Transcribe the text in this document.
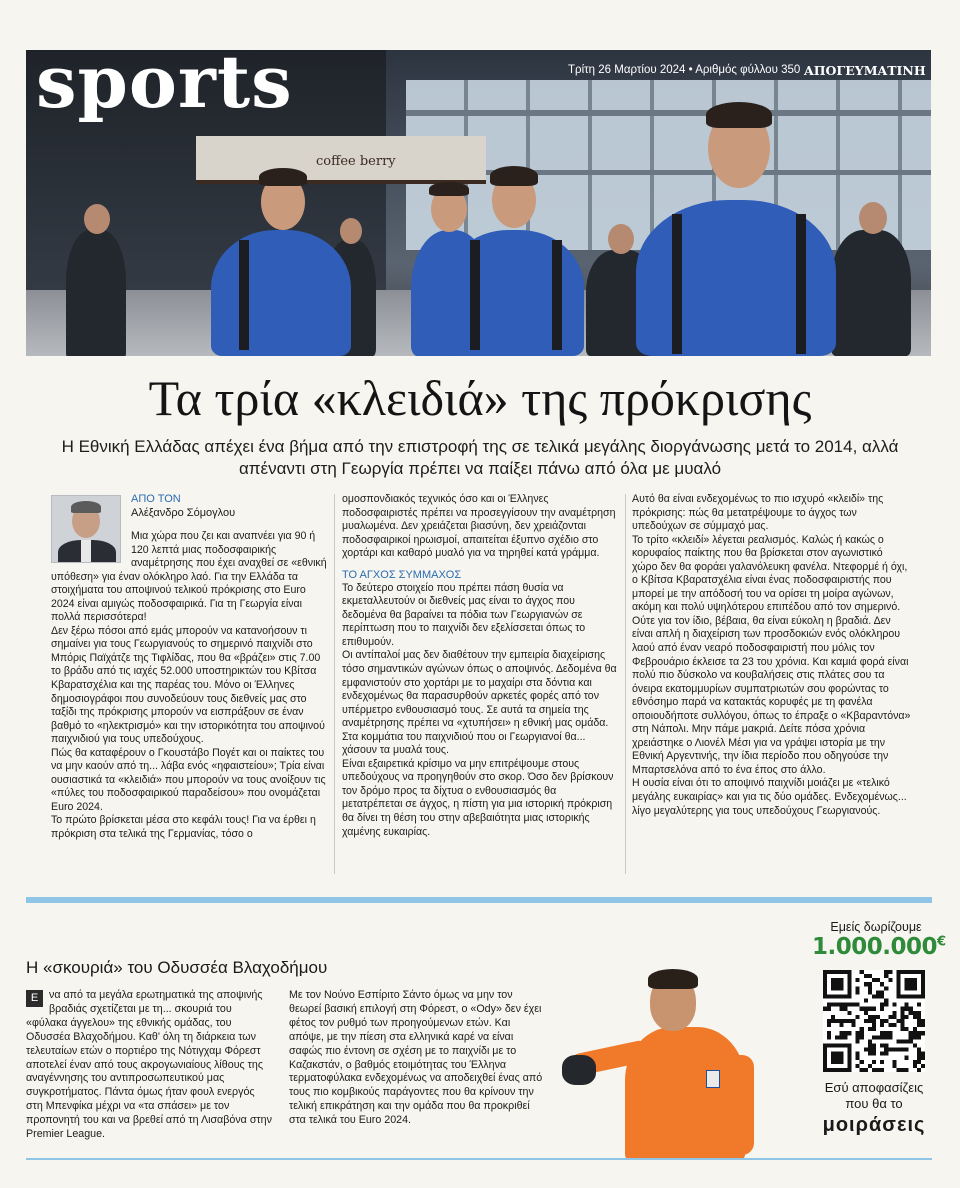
coffee berry
sports	Τρίτη 26 Μαρτίου 2024 • Αριθμός φύλλου 350 ΑΠΟΓΕΥΜΑΤΙΝΗ
Τα τρία «κλειδιά» της πρόκρισης
Η Εθνική Ελλάδας απέχει ένα βήμα από την επιστροφή της σε τελικά μεγάλης διοργάνωσης μετά το 2014, αλλά απέναντι στη Γεωργία πρέπει να παίξει πάνω από όλα με μυαλό
ΑΠΟ ΤΟΝ
Αλέξανδρο Σόμογλου

Μια χώρα που ζει και αναπνέει για 90 ή 120 λεπτά μιας ποδοσφαιρικής αναμέτρησης που έχει αναχθεί σε «εθνική υπόθεση» για έναν ολόκληρο λαό. Για την Ελλάδα τα στοιχήματα του αποψινού τελικού πρόκρισης στο Euro 2024 είναι αμιγώς ποδοσφαιρικά. Για τη Γεωργία είναι πολλά περισσότερα!

Δεν ξέρω πόσοι από εμάς μπορούν να κατανοήσουν τι σημαίνει για τους Γεωργιανούς το σημερινό παιχνίδι στο Μπόρις Παϊχάτζε της Τιφλίδας, που θα «βράζει» στις 7.00 το βράδυ από τις ιαχές 52.000 υποστηρικτών του Κβίτσα Κβαρατσχέλια και της παρέας του. Μόνο οι Έλληνες δημοσιογράφοι που συνοδεύουν τους διεθνείς μας στο ταξίδι της πρόκρισης μπορούν να εισπράξουν σε έναν βαθμό το «ηλεκτρισμό» και την ιστορικότητα του αποψινού παιχνιδιού για τους υπεδούχους.

Πώς θα καταφέρουν ο Γκουστάβο Πογέτ και οι παίκτες του να μην καούν από τη... λάβα ενός «ηφαιστείου»; Τρία είναι ουσιαστικά τα «κλειδιά» που μπορούν να τους ανοίξουν τις «πύλες του ποδοσφαιρικού παραδείσου» που ονομάζεται Euro 2024.

Το πρώτο βρίσκεται μέσα στο κεφάλι τους! Για να έρθει η πρόκριση στα τελικά της Γερμανίας, τόσο ο

ομοσπονδιακός τεχνικός όσο και οι Έλληνες ποδοσφαιριστές πρέπει να προσεγγίσουν την αναμέτρηση μυαλωμένα. Δεν χρειάζεται βιασύνη, δεν χρειάζονται ποδοσφαιρικοί ηρωισμοί, απαιτείται έξυπνο σχέδιο στο χορτάρι και καθαρό μυαλό για να τηρηθεί κατά γράμμα.

ΤΟ ΑΓΧΟΣ ΣΥΜΜΑΧΟΣ

Το δεύτερο στοιχείο που πρέπει πάση θυσία να εκμεταλλευτούν οι διεθνείς μας είναι το άγχος που δεδομένα θα βαραίνει τα πόδια των Γεωργιανών σε περίπτωση που το παιχνίδι δεν εξελίσσεται όπως το επιθυμούν.

Οι αντίπαλοί μας δεν διαθέτουν την εμπειρία διαχείρισης τόσο σημαντικών αγώνων όπως ο αποψινός. Δεδομένα θα εμφανιστούν στο χορτάρι με το μαχαίρι στα δόντια και ενδεχομένως θα παρασυρθούν αρκετές φορές από τον υπέρμετρο ενθουσιασμό τους. Σε αυτά τα σημεία της αναμέτρησης πρέπει να «χτυπήσει» η εθνική μας ομάδα. Στα κομμάτια του παιχνιδιού που οι Γεωργιανοί θα... χάσουν τα μυαλά τους.

Είναι εξαιρετικά κρίσιμο να μην επιτρέψουμε στους υπεδούχους να προηγηθούν στο σκορ. Όσο δεν βρίσκουν τον δρόμο προς τα δίχτυα ο ενθουσιασμός θα μετατρέπεται σε άγχος, η πίστη για μια ιστορική πρόκριση θα δίνει τη θέση του στην αβεβαιότητα μιας ιστορικής χαμένης ευκαιρίας.

Αυτό θα είναι ενδεχομένως το πιο ισχυρό «κλειδί» της πρόκρισης: πώς θα μετατρέψουμε το άγχος των υπεδούχων σε σύμμαχό μας.

Το τρίτο «κλειδί» λέγεται ρεαλισμός. Καλώς ή κακώς ο κορυφαίος παίκτης που θα βρίσκεται στον αγωνιστικό χώρο δεν θα φοράει γαλανόλευκη φανέλα. Ντεφορμέ ή όχι, ο Κβίτσα Κβαρατσχέλια είναι ένας ποδοσφαιριστής που μπορεί με την απόδοσή του να ορίσει τη μοίρα αγώνων, ακόμη και πολύ υψηλότερου επιπέδου από τον σημερινό.

Ούτε για τον ίδιο, βέβαια, θα είναι εύκολη η βραδιά. Δεν είναι απλή η διαχείριση των προσδοκιών ενός ολόκληρου λαού από έναν νεαρό ποδοσφαιριστή που μόλις τον Φεβρουάριο έκλεισε τα 23 του χρόνια. Και καμιά φορά είναι πολύ πιο δύσκολο να κουβαλήσεις στις πλάτες σου τα όνειρα εκατομμυρίων συμπατριωτών σου φορώντας το εθνόσημο παρά να κατακτάς κορυφές με τη φανέλα οποιουδήποτε συλλόγου, όπως το έπραξε ο «Κβαραντόνα» στη Νάπολι. Μην πάμε μακριά. Δείτε πόσα χρόνια χρειάστηκε ο Λιονέλ Μέσι για να γράψει ιστορία με την Εθνική Αργεντινής, την ίδια περίοδο που οδηγούσε την Μπαρτσελόνα από το ένα έπος στο άλλο.

Η ουσία είναι ότι το αποψινό παιχνίδι μοιάζει με «τελικό μεγάλης ευκαιρίας» και για τις δύο ομάδες. Ενδεχομένως... λίγο μεγαλύτερης για τους υπεδούχους Γεωργιανούς.

Η «σκουριά» του Οδυσσέα Βλαχοδήμου
Ε	να από τα μεγάλα ερωτηματικά της αποψινής βραδιάς σχετίζεται με τη... σκουριά του «φύλακα άγγελου» της εθνικής ομάδας, του Οδυσσέα Βλαχοδήμου. Καθ' όλη τη διάρκεια των τελευταίων ετών ο πορτιέρο της Νότιγχαμ Φόρεστ αποτελεί έναν από τους ακρογωνιαίους λίθους της αναγέννησης του αντιπροσωπευτικού μας συγκροτήματος. Πάντα όμως ήταν φουλ ενεργός στη Μπενφίκα μέχρι να «τα σπάσει» με τον προπονητή του και να βρεθεί από τη Λισαβόνα στην Premier League.
Με τον Νούνο Εσπίριτο Σάντο όμως να μην τον θεωρεί βασική επιλογή στη Φόρεστ, ο «Ody» δεν έχει φέτος τον ρυθμό των προηγούμενων ετών. Και απόψε, με την πίεση στα ελληνικά καρέ να είναι σαφώς πιο έντονη σε σχέση με το παιχνίδι με το Καζακστάν, ο βαθμός ετοιμότητας του Έλληνα τερματοφύλακα ενδεχομένως να αποδειχθεί ένας από τους πιο κομβικούς παράγοντες που θα κρίνουν την τελική επικράτηση και την ομάδα που θα προκριθεί στα τελικά του Euro 2024.
Εμείς δωρίζουμε
1.000.000€
Εσύ αποφασίζεις που θα το
μοιράσεις
